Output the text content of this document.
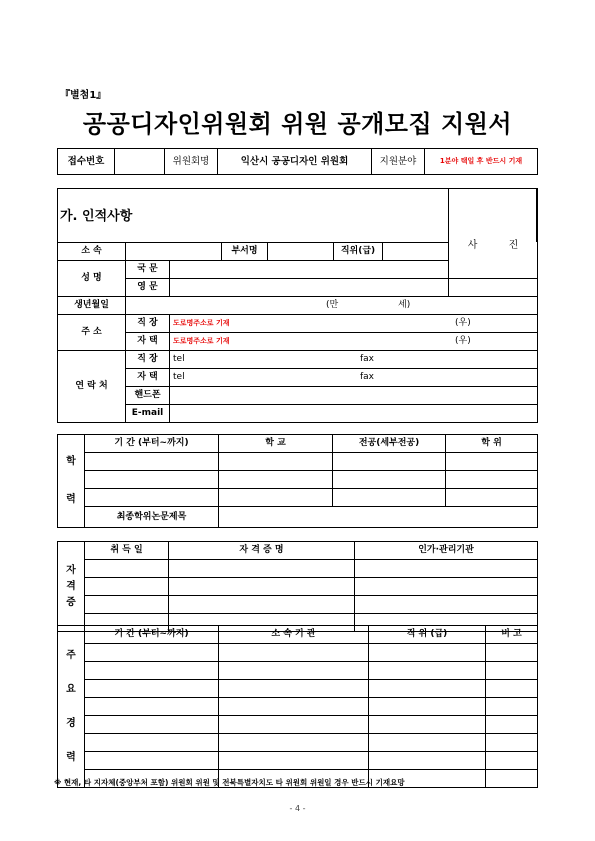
『별첨1』
공공디자인위원회 위원 공개모집 지원서
접수번호		위원회명	익산시 공공디자인 위원회	지원분야	1분야 택일 후 반드시 기재
가. 인적사항
사 진
소 속			부서명		직위(급)		
성 명	국 문						
	영 문						
생년월일	(만 세)						

주 소	직 장	도로명주소로 기재 (우)					

	자 택	도로명주소로 기재 (우)					

연 락 처	직 장	tel fax					

	자 택	tel fax					

	핸드폰						
	E-mail						
학
력	기 간 (부터~까지)	학 교	전공(세부전공)	학 위

	최종학위논문제목			
자
격
증	취 득 일	자 격 증 명	인가·관리기관

주
요
경
력	기 간 (부터~까지)	소 속 기 관	직 위 (급)	비 고

※ 현재, 타 지자체(중앙부처 포함) 위원회 위원 및 전북특별자치도 타 위원회 위원일 경우 반드시 기재요망
- 4 -
